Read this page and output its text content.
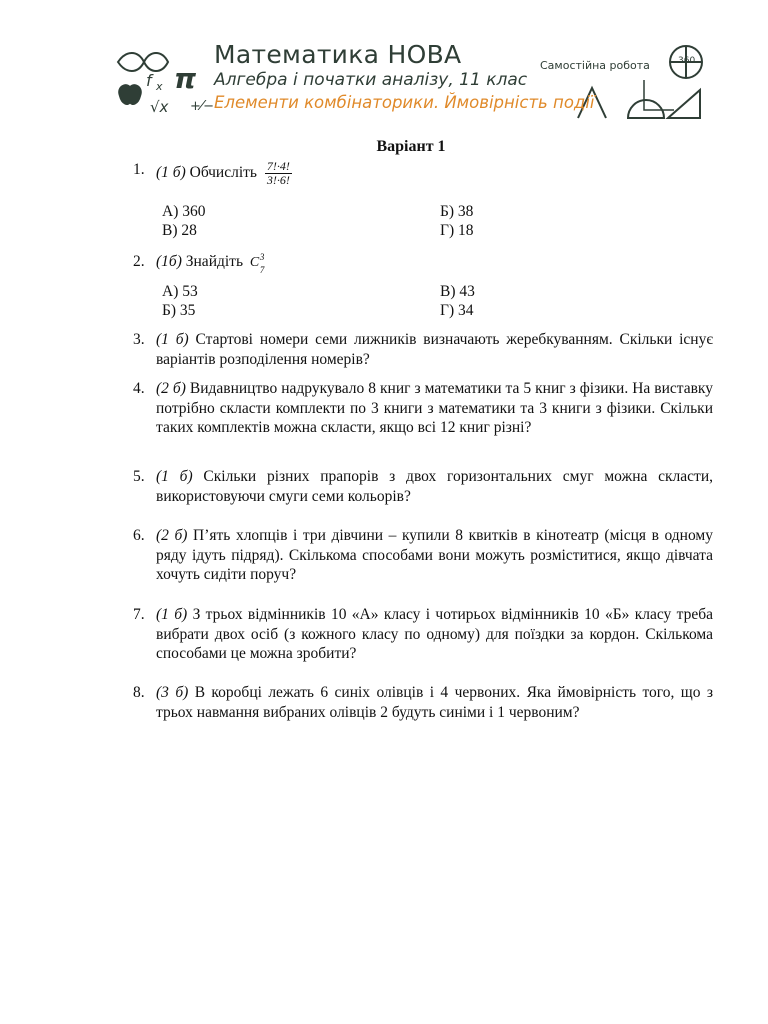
f x π
√x +⁄−
Математика НОВА
Алгебра і початки аналізу, 11 клас
Елементи комбінаторики. Ймовірність події
Самостійна робота	360
Варіант 1
1. (1 б) Обчисліть $\frac{7!\cdot 4!}{3!\cdot 6!}$
А) 360	Б) 38
В) 28	Г) 18
2. (1б) Знайдіть C 3
7
А) 53	В) 43
Б) 35	Г) 34
3. (1 б) Стартові номери семи лижників визначають жеребкуванням. Скільки існує варіантів розподілення номерів?
4. (2 б) Видавництво надрукувало 8 книг з математики та 5 книг з фізики. На виставку потрібно скласти комплекти по 3 книги з математики та 3 книги з фізики. Скільки таких комплектів можна скласти, якщо всі 12 книг різні?
5. (1 б) Скільки різних прапорів з двох горизонтальних смуг можна скласти, використовуючи смуги семи кольорів?
6. (2 б) П’ять хлопців і три дівчини – купили 8 квитків в кінотеатр (місця в одному ряду ідуть підряд). Скількома способами вони можуть розміститися, якщо дівчата хочуть сидіти поруч?
7. (1 б) З трьох відмінників 10 «А» класу і чотирьох відмінників 10 «Б» класу треба вибрати двох осіб (з кожного класу по одному) для поїздки за кордон. Скількома способами це можна зробити?
8. (3 б) В коробці лежать 6 синіх олівців і 4 червоних. Яка ймовірність того, що з трьох навмання вибраних олівців 2 будуть синіми і 1 червоним?
